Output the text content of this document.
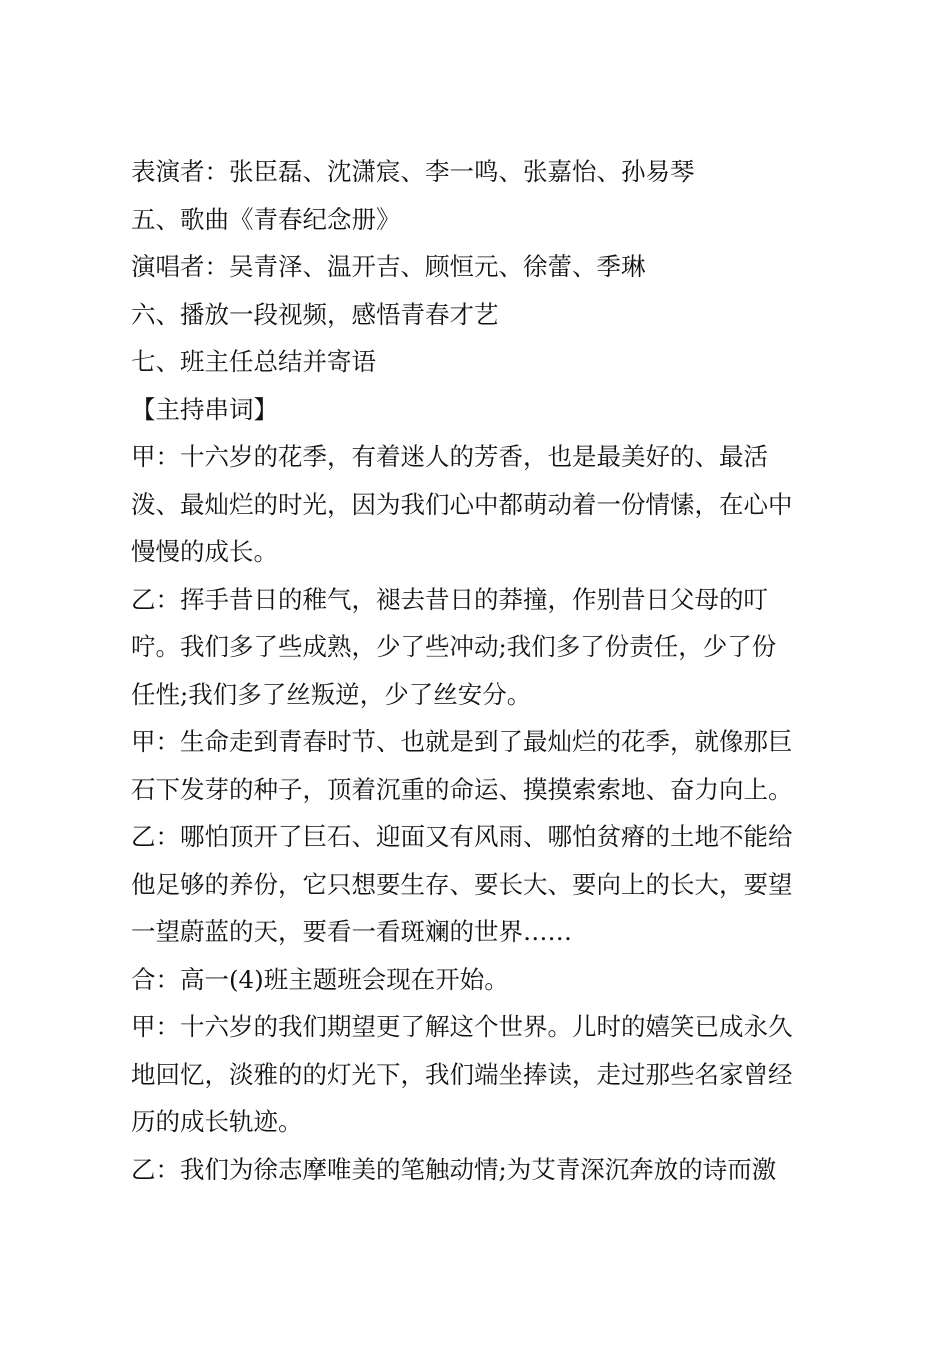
表演者：张臣磊、沈潇宸、李一鸣、张嘉怡、孙易琴
五、歌曲《青春纪念册》
演唱者：吴青泽、温开吉、顾恒元、徐蕾、季琳
六、播放一段视频，感悟青春才艺
七、班主任总结并寄语
【主持串词】
甲：十六岁的花季，有着迷人的芳香，也是最美好的、最活
泼、最灿烂的时光，因为我们心中都萌动着一份情愫，在心中
慢慢的成长。
乙：挥手昔日的稚气，褪去昔日的莽撞，作别昔日父母的叮
咛。我们多了些成熟，少了些冲动;我们多了份责任，少了份
任性;我们多了丝叛逆，少了丝安分。
甲：生命走到青春时节、也就是到了最灿烂的花季，就像那巨
石下发芽的种子，顶着沉重的命运、摸摸索索地、奋力向上。
乙：哪怕顶开了巨石、迎面又有风雨、哪怕贫瘠的土地不能给
他足够的养份，它只想要生存、要长大、要向上的长大，要望
一望蔚蓝的天，要看一看斑斓的世界……
合：高一(4)班主题班会现在开始。
甲：十六岁的我们期望更了解这个世界。儿时的嬉笑已成永久
地回忆，淡雅的的灯光下，我们端坐捧读，走过那些名家曾经
历的成长轨迹。
乙：我们为徐志摩唯美的笔触动情;为艾青深沉奔放的诗而激
